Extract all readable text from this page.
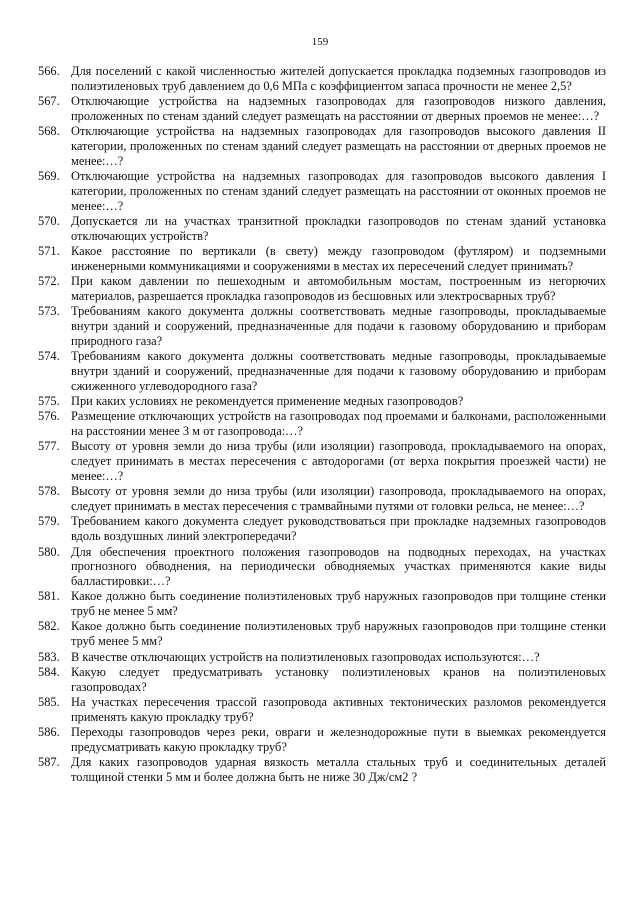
159
566. Для поселений с какой численностью жителей допускается прокладка подземных газопроводов из полиэтиленовых труб давлением до 0,6 МПа с коэффициентом запаса прочности не менее 2,5?
567. Отключающие устройства на надземных газопроводах для газопроводов низкого давления, проложенных по стенам зданий следует размещать на расстоянии от дверных проемов не менее:…?
568. Отключающие устройства на надземных газопроводах для газопроводов высокого давления II категории, проложенных по стенам зданий следует размещать на расстоянии от дверных проемов не менее:…?
569. Отключающие устройства на надземных газопроводах для газопроводов высокого давления I категории, проложенных по стенам зданий следует размещать на расстоянии от оконных проемов не менее:…?
570. Допускается ли на участках транзитной прокладки газопроводов по стенам зданий установка отключающих устройств?
571. Какое расстояние по вертикали (в свету) между газопроводом (футляром) и подземными инженерными коммуникациями и сооружениями в местах их пересечений следует принимать?
572. При каком давлении по пешеходным и автомобильным мостам, построенным из негорючих материалов, разрешается прокладка газопроводов из бесшовных или электросварных труб?
573. Требованиям какого документа должны соответствовать медные газопроводы, прокладываемые внутри зданий и сооружений, предназначенные для подачи к газовому оборудованию и приборам природного газа?
574. Требованиям какого документа должны соответствовать медные газопроводы, прокладываемые внутри зданий и сооружений, предназначенные для подачи к газовому оборудованию и приборам сжиженного углеводородного газа?
575. При каких условиях не рекомендуется применение медных газопроводов?
576. Размещение отключающих устройств на газопроводах под проемами и балконами, расположенными на расстоянии менее 3 м от газопровода:…?
577. Высоту от уровня земли до низа трубы (или изоляции) газопровода, прокладываемого на опорах, следует принимать в местах пересечения с автодорогами (от верха покрытия проезжей части) не менее:…?
578. Высоту от уровня земли до низа трубы (или изоляции) газопровода, прокладываемого на опорах, следует принимать в местах пересечения с трамвайными путями от головки рельса, не менее:…?
579. Требованием какого документа следует руководствоваться при прокладке надземных газопроводов вдоль воздушных линий электропередачи?
580. Для обеспечения проектного положения газопроводов на подводных переходах, на участках прогнозного обводнения, на периодически обводняемых участках применяются какие виды балластировки:…?
581. Какое должно быть соединение полиэтиленовых труб наружных газопроводов при толщине стенки труб не менее 5 мм?
582. Какое должно быть соединение полиэтиленовых труб наружных газопроводов при толщине стенки труб менее 5 мм?
583. В качестве отключающих устройств на полиэтиленовых газопроводах используются:…?
584. Какую следует предусматривать установку полиэтиленовых кранов на полиэтиленовых газопроводах?
585. На участках пересечения трассой газопровода активных тектонических разломов рекомендуется применять какую прокладку труб?
586. Переходы газопроводов через реки, овраги и железнодорожные пути в выемках рекомендуется предусматривать какую прокладку труб?
587. Для каких газопроводов ударная вязкость металла стальных труб и соединительных деталей толщиной стенки 5 мм и более должна быть не ниже 30 Дж/см2 ?
